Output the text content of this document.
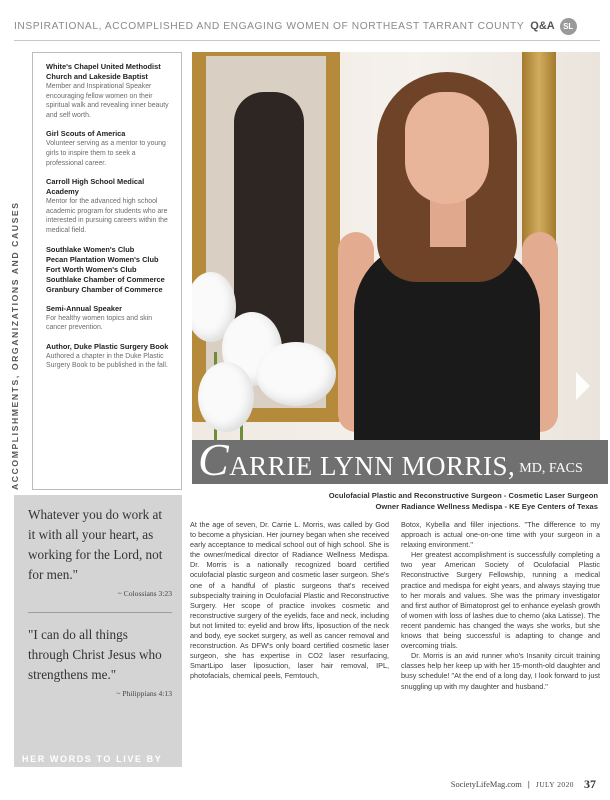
INSPIRATIONAL, ACCOMPLISHED AND ENGAGING WOMEN OF NORTHEAST TARRANT COUNTY Q&A	SL
ACCOMPLISHMENTS, ORGANIZATIONS AND CAUSES
White's Chapel United Methodist Church and Lakeside Baptist
Member and Inspirational Speaker encouraging fellow women on their spiritual walk and revealing inner beauty and self worth.
Girl Scouts of America
Volunteer serving as a mentor to young girls to inspire them to seek a professional career.
Carroll High School Medical Academy
Mentor for the advanced high school academic program for students who are interested in pursuing careers within the medical field.
Southlake Women's Club
Pecan Plantation Women's Club
Fort Worth Women's Club
Southlake Chamber of Commerce
Granbury Chamber of Commerce
Semi-Annual Speaker
For healthy women topics and skin cancer prevention.
Author, Duke Plastic Surgery Book
Authored a chapter in the Duke Plastic Surgery Book to be published in the fall.
CARRIE LYNN MORRIS, MD, FACS
Oculofacial Plastic and Reconstructive Surgeon - Cosmetic Laser Surgeon
Owner Radiance Wellness Medispa - KE Eye Centers of Texas

At the age of seven, Dr. Carrie L. Morris, was called by God to become a physician. Her journey began when she received early acceptance to medical school out of high school. She is the owner/medical director of Radiance Wellness Medispa. Dr. Morris is a nationally recognized board certified oculofacial plastic surgeon and cosmetic laser surgeon. She's one of a handful of plastic surgeons that's received subspecialty training in Oculofacial Plastic and Reconstructive Surgery. Her scope of practice invokes cosmetic and reconstructive surgery of the eyelids, face and neck, including but not limited to: eyelid and brow lifts, liposuction of the neck and body, eye socket surgery, as well as cancer removal and reconstruction. As DFW's only board certified cosmetic laser surgeon, she has expertise in CO2 laser resurfacing, SmartLipo laser liposuction, laser hair removal, IPL, photofacials, chemical peels, Femtouch,

Botox, Kybella and filler injections. "The difference to my approach is actual one-on-one time with your surgeon in a relaxing environment."

Her greatest accomplishment is successfully completing a two year American Society of Oculofacial Plastic Reconstructive Surgery Fellowship, running a medical practice and medispa for eight years, and always staying true to her morals and values. She was the primary investigator and first author of Bimatoprost gel to enhance eyelash growth of women with loss of lashes due to chemo (aka Latisse). The recent pandemic has changed the ways she works, but she knows that being successful is adapting to change and overcoming trials.

Dr. Morris is an avid runner who's Insanity circuit training classes help her keep up with her 15-month-old daughter and busy schedule! "At the end of a long day, I look forward to just snuggling up with my daughter and husband."

Whatever you do work at it with all your heart, as working for the Lord, not for men."
~ Colossians 3:23
"I can do all things through Christ Jesus who strengthens me."
~ Philippians 4:13
HER WORDS TO LIVE BY
SocietyLifeMag.com | JULY 2020 37
